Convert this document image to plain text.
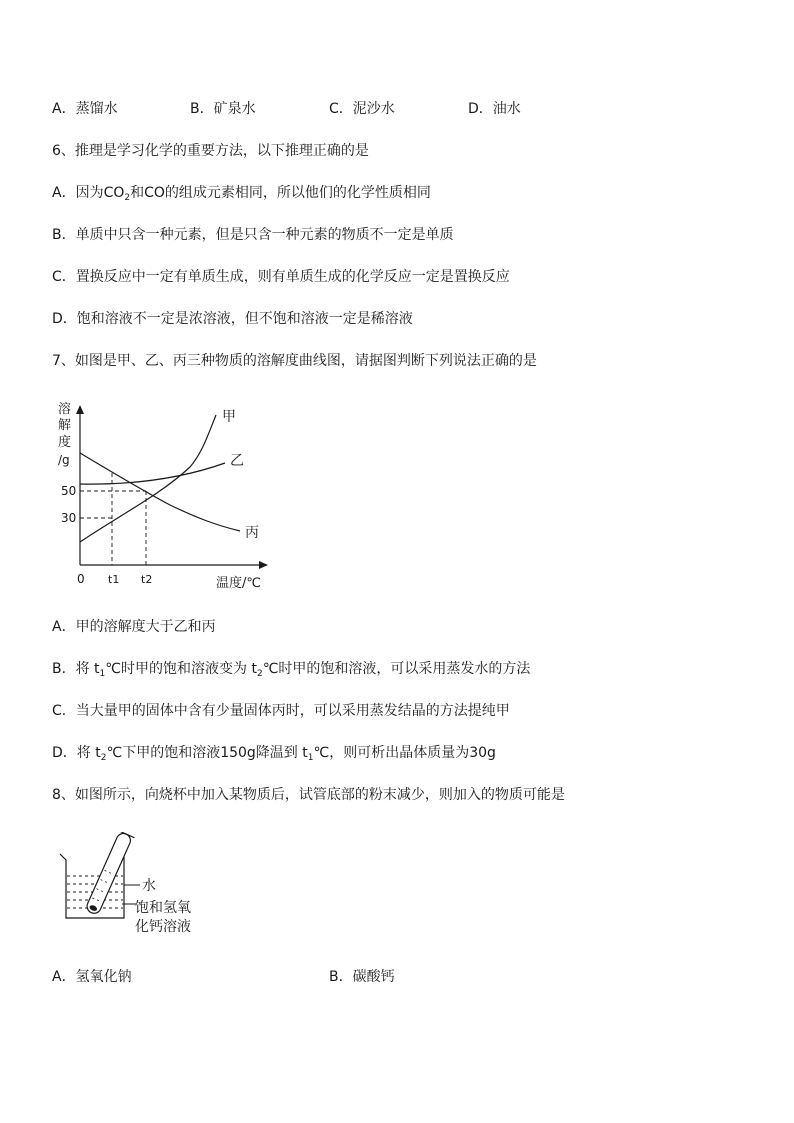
A．蒸馏水	B．矿泉水	C．泥沙水	D．油水
6、推理是学习化学的重要方法，以下推理正确的是
A．因为$CO_2$和CO的组成元素相同，所以他们的化学性质相同
B．单质中只含一种元素，但是只含一种元素的物质不一定是单质
C．置换反应中一定有单质生成，则有单质生成的化学反应一定是置换反应
D．饱和溶液不一定是浓溶液，但不饱和溶液一定是稀溶液
7、如图是甲、乙、丙三种物质的溶解度曲线图，请据图判断下列说法正确的是
溶
解
度
/g
50
30
甲
乙
丙
0 t1 t2	温度/℃
A．甲的溶解度大于乙和丙
B．将 $t_1℃$时甲的饱和溶液变为 $t_2℃$时甲的饱和溶液，可以采用蒸发水的方法
C．当大量甲的固体中含有少量固体丙时，可以采用蒸发结晶的方法提纯甲
D．将 $t_2℃$下甲的饱和溶液150g降温到 $t_1℃$，则可析出晶体质量为30g
8、如图所示，向烧杯中加入某物质后，试管底部的粉末减少，则加入的物质可能是
水
饱和氢氧
化钙溶液
A．氢氧化钠	B．碳酸钙
